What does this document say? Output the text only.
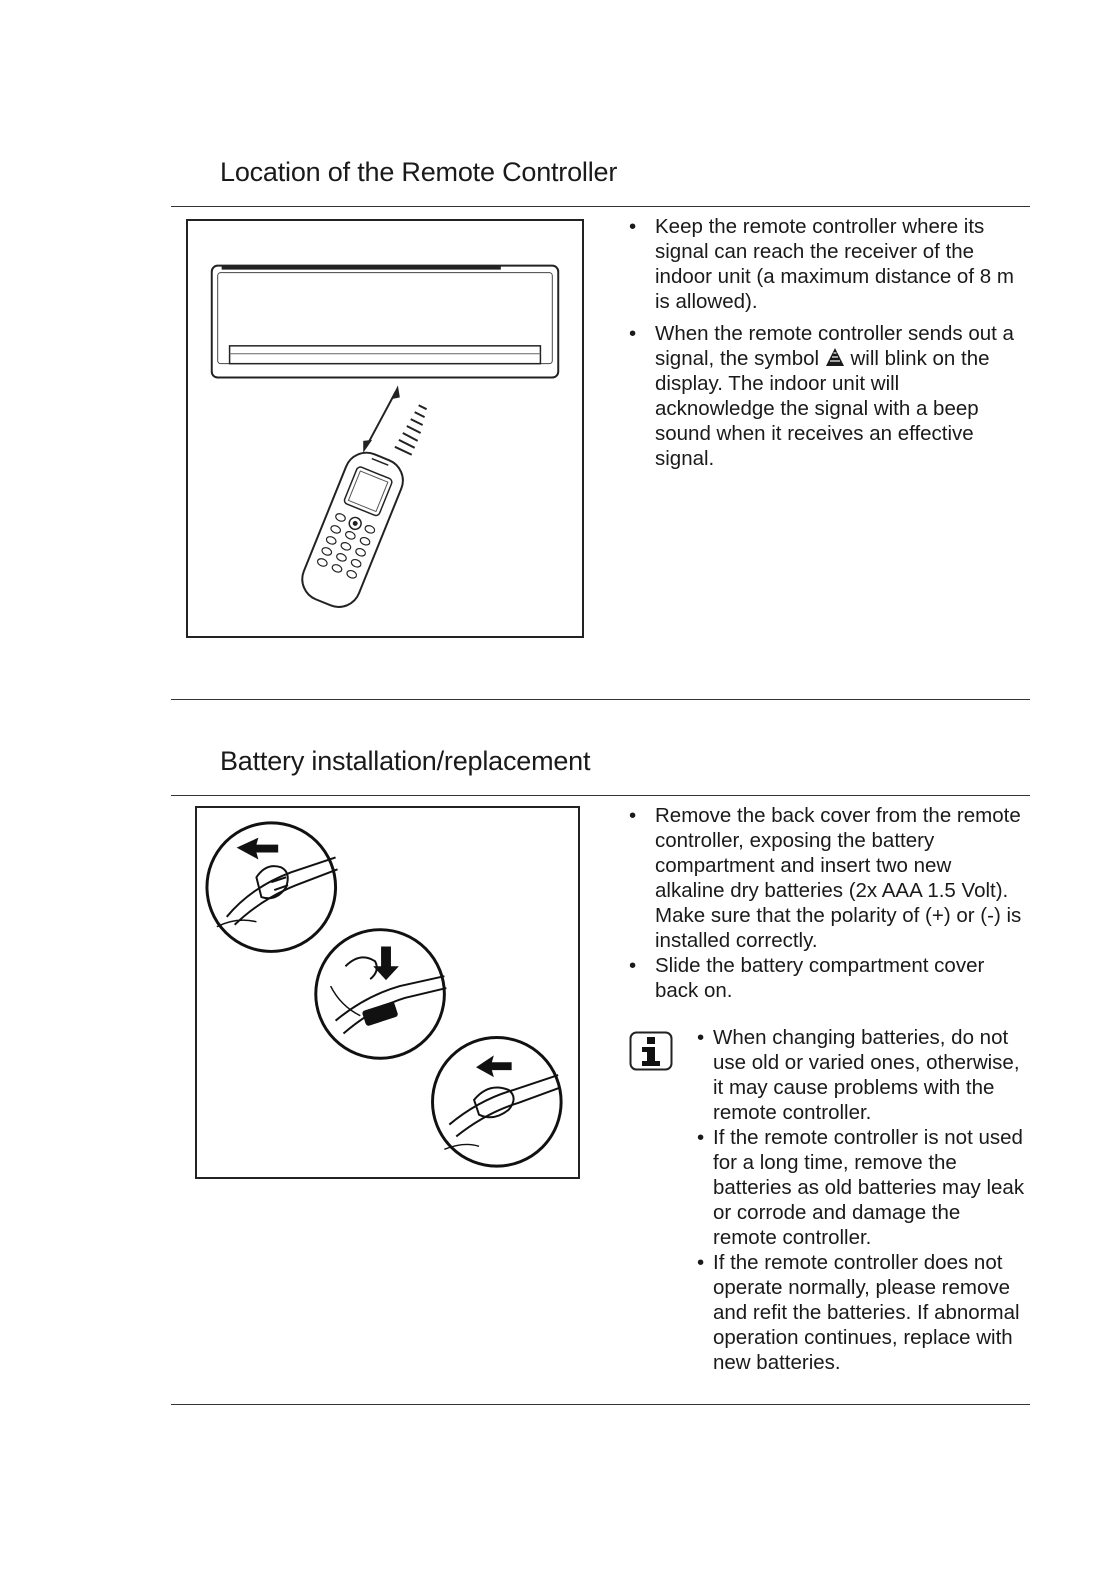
Location of the Remote Controller
• Keep the remote controller where its signal can reach the receiver of the indoor unit (a maximum distance of 8 m is allowed).
• When the remote controller sends out a signal, the symbol  will blink on the display. The indoor unit will acknowledge the signal with a beep sound when it receives an effective signal.
Battery installation/replacement
• Remove the back cover from the remote controller, exposing the battery compartment and insert two new alkaline dry batteries (2x AAA 1.5 Volt). Make sure that the polarity of (+) or (-) is installed correctly.
• Slide the battery compartment cover back on.
• When changing batteries, do not use old or varied ones, otherwise, it may cause problems with the remote controller.
• If the remote controller is not used for a long time, remove the batteries as old batteries may leak or corrode and damage the remote controller.
• If the remote controller does not operate normally, please remove and refit the batteries. If abnormal operation continues, replace with new batteries.
